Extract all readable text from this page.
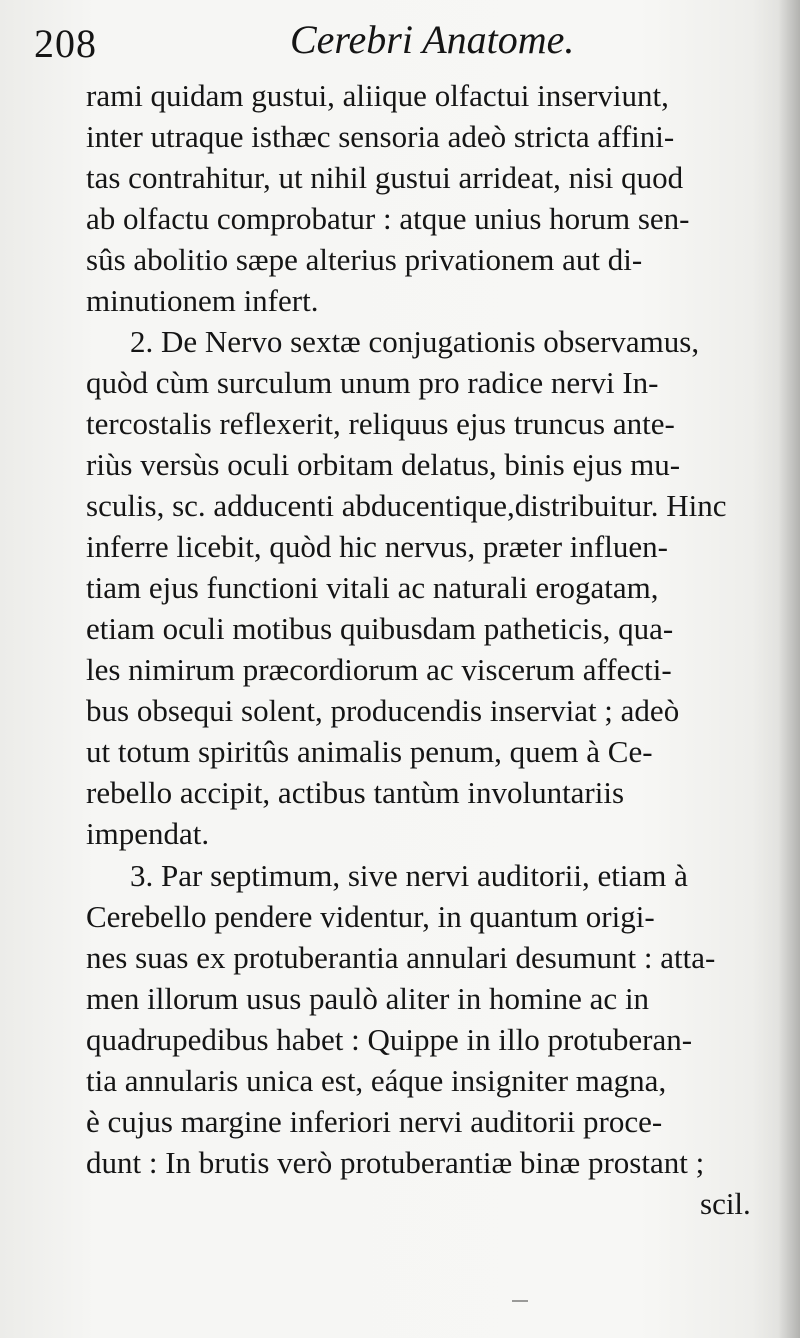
208	Cerebri Anatome.
rami quidam gustui, aliique olfactui inserviunt,
inter utraque isthæc sensoria adeò stricta affini-
tas contrahitur, ut nihil gustui arrideat, nisi quod
ab olfactu comprobatur : atque unius horum sen-
sûs abolitio sæpe alterius privationem aut di-
minutionem infert.
2. De Nervo sextæ conjugationis observamus,
quòd cùm surculum unum pro radice nervi In-
tercostalis reflexerit, reliquus ejus truncus ante-
riùs versùs oculi orbitam delatus, binis ejus mu-
sculis, sc. adducenti abducentique,distribuitur. Hinc
inferre licebit, quòd hic nervus, præter influen-
tiam ejus functioni vitali ac naturali erogatam,
etiam oculi motibus quibusdam patheticis, qua-
les nimirum præcordiorum ac viscerum affecti-
bus obsequi solent, producendis inserviat ; adeò
ut totum spiritûs animalis penum, quem à Ce-
rebello accipit, actibus tantùm involuntariis
impendat.
3. Par septimum, sive nervi auditorii, etiam à
Cerebello pendere videntur, in quantum origi-
nes suas ex protuberantia annulari desumunt : atta-
men illorum usus paulò aliter in homine ac in
quadrupedibus habet : Quippe in illo protuberan-
tia annularis unica est, eáque insigniter magna,
è cujus margine inferiori nervi auditorii proce-
dunt : In brutis verò protuberantiæ binæ prostant ;
scil.
